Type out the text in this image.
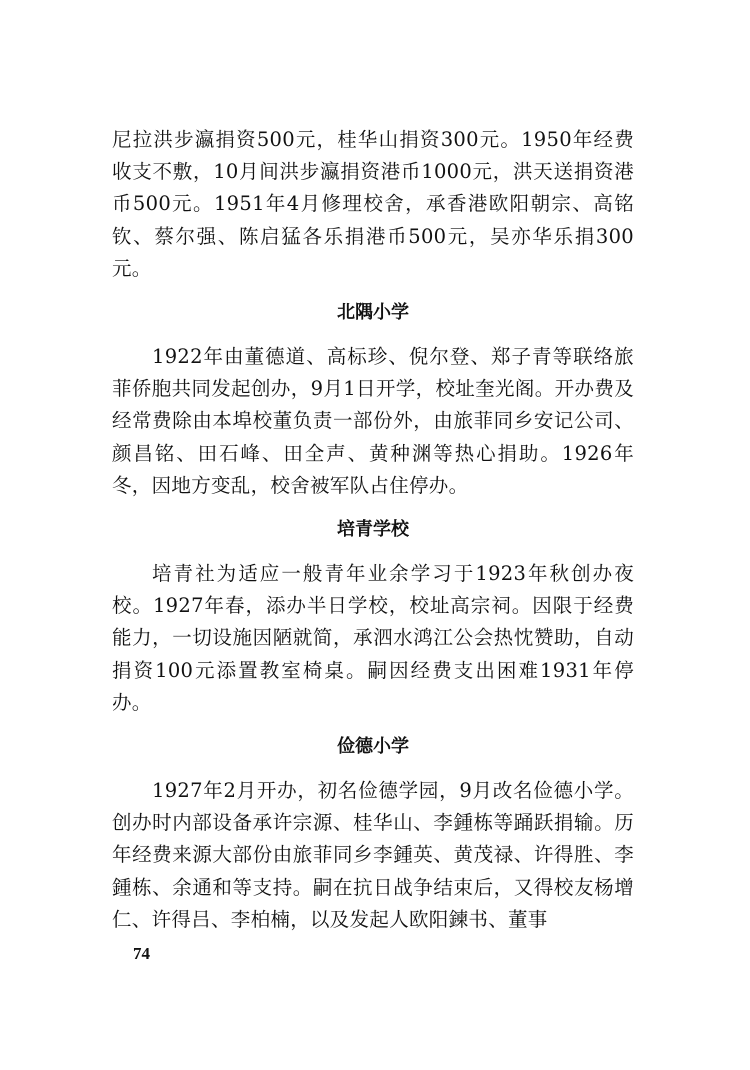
尼拉洪步瀛捐资500元，桂华山捐资300元。1950年经费收支不敷，10月间洪步瀛捐资港币1000元，洪天送捐资港币500元。1951年4月修理校舍，承香港欧阳朝宗、高铭钦、蔡尔强、陈启猛各乐捐港币500元，吴亦华乐捐300元。

北隅小学

1922年由董德道、高标珍、倪尔登、郑子青等联络旅菲侨胞共同发起创办，9月1日开学，校址奎光阁。开办费及经常费除由本埠校董负责一部份外，由旅菲同乡安记公司、颜昌铭、田石峰、田全声、黄种渊等热心捐助。1926年冬，因地方变乱，校舍被军队占住停办。

培青学校

培青社为适应一般青年业余学习于1923年秋创办夜校。1927年春，添办半日学校，校址高宗祠。因限于经费能力，一切设施因陋就简，承泗水鸿江公会热忱赞助，自动捐资100元添置教室椅桌。嗣因经费支出困难1931年停办。

俭德小学

1927年2月开办，初名俭德学园，9月改名俭德小学。创办时内部设备承许宗源、桂华山、李鍾栋等踊跃捐输。历年经费来源大部份由旅菲同乡李鍾英、黄茂禄、许得胜、李鍾栋、余通和等支持。嗣在抗日战争结束后，又得校友杨增仁、许得吕、李柏楠，以及发起人欧阳鍊书、董事

74
